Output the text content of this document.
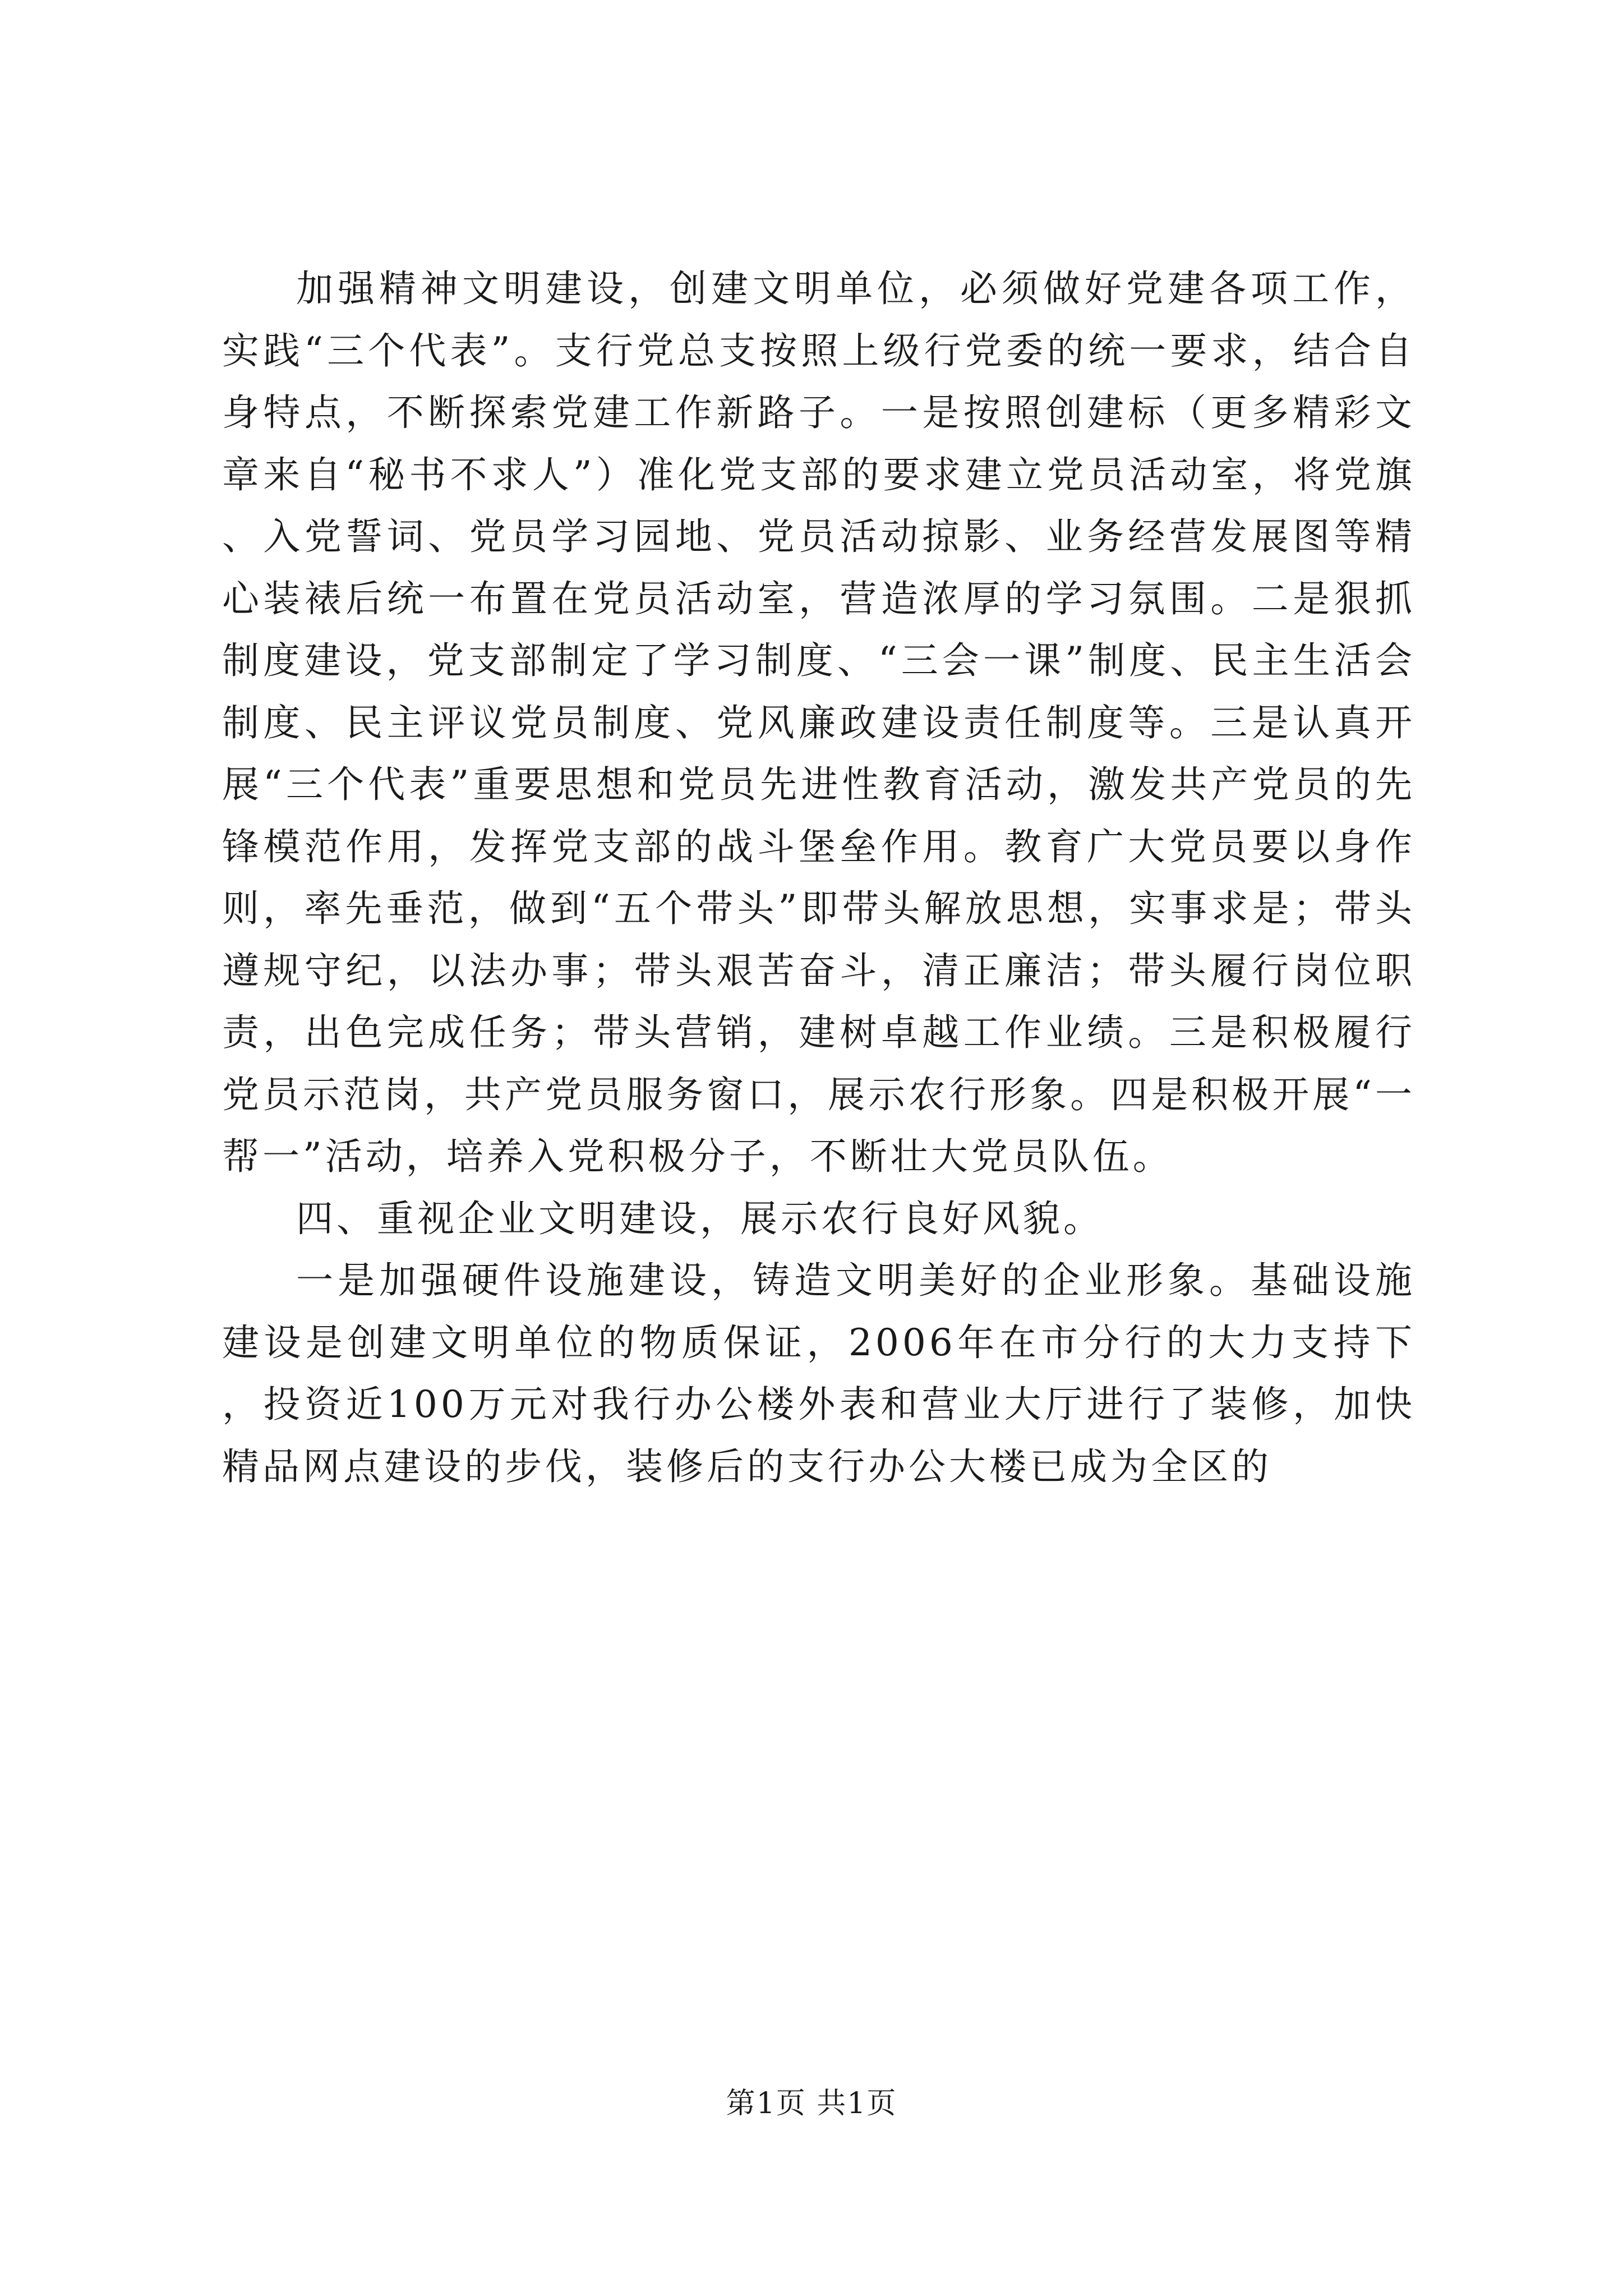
加强精神文明建设，创建文明单位，必须做好党建各项工作，实践“三个代表”。支行党总支按照上级行党委的统一要求，结合自身特点，不断探索党建工作新路子。一是按照创建标（更多精彩文章来自“秘书不求人”）准化党支部的要求建立党员活动室，将党旗、入党誓词、党员学习园地、党员活动掠影、业务经营发展图等精心装裱后统一布置在党员活动室，营造浓厚的学习氛围。二是狠抓制度建设，党支部制定了学习制度、“三会一课”制度、民主生活会制度、民主评议党员制度、党风廉政建设责任制度等。三是认真开展“三个代表”重要思想和党员先进性教育活动，激发共产党员的先锋模范作用，发挥党支部的战斗堡垒作用。教育广大党员要以身作则，率先垂范，做到“五个带头”即带头解放思想，实事求是；带头遵规守纪，以法办事；带头艰苦奋斗，清正廉洁；带头履行岗位职责，出色完成任务；带头营销，建树卓越工作业绩。三是积极履行党员示范岗，共产党员服务窗口，展示农行形象。四是积极开展“一帮一”活动，培养入党积极分子，不断壮大党员队伍。

四、重视企业文明建设，展示农行良好风貌。

一是加强硬件设施建设，铸造文明美好的企业形象。基础设施建设是创建文明单位的物质保证，2006年在市分行的大力支持下，投资近100万元对我行办公楼外表和营业大厅进行了装修，加快精品网点建设的步伐，装修后的支行办公大楼已成为全区的

第1页 共1页
